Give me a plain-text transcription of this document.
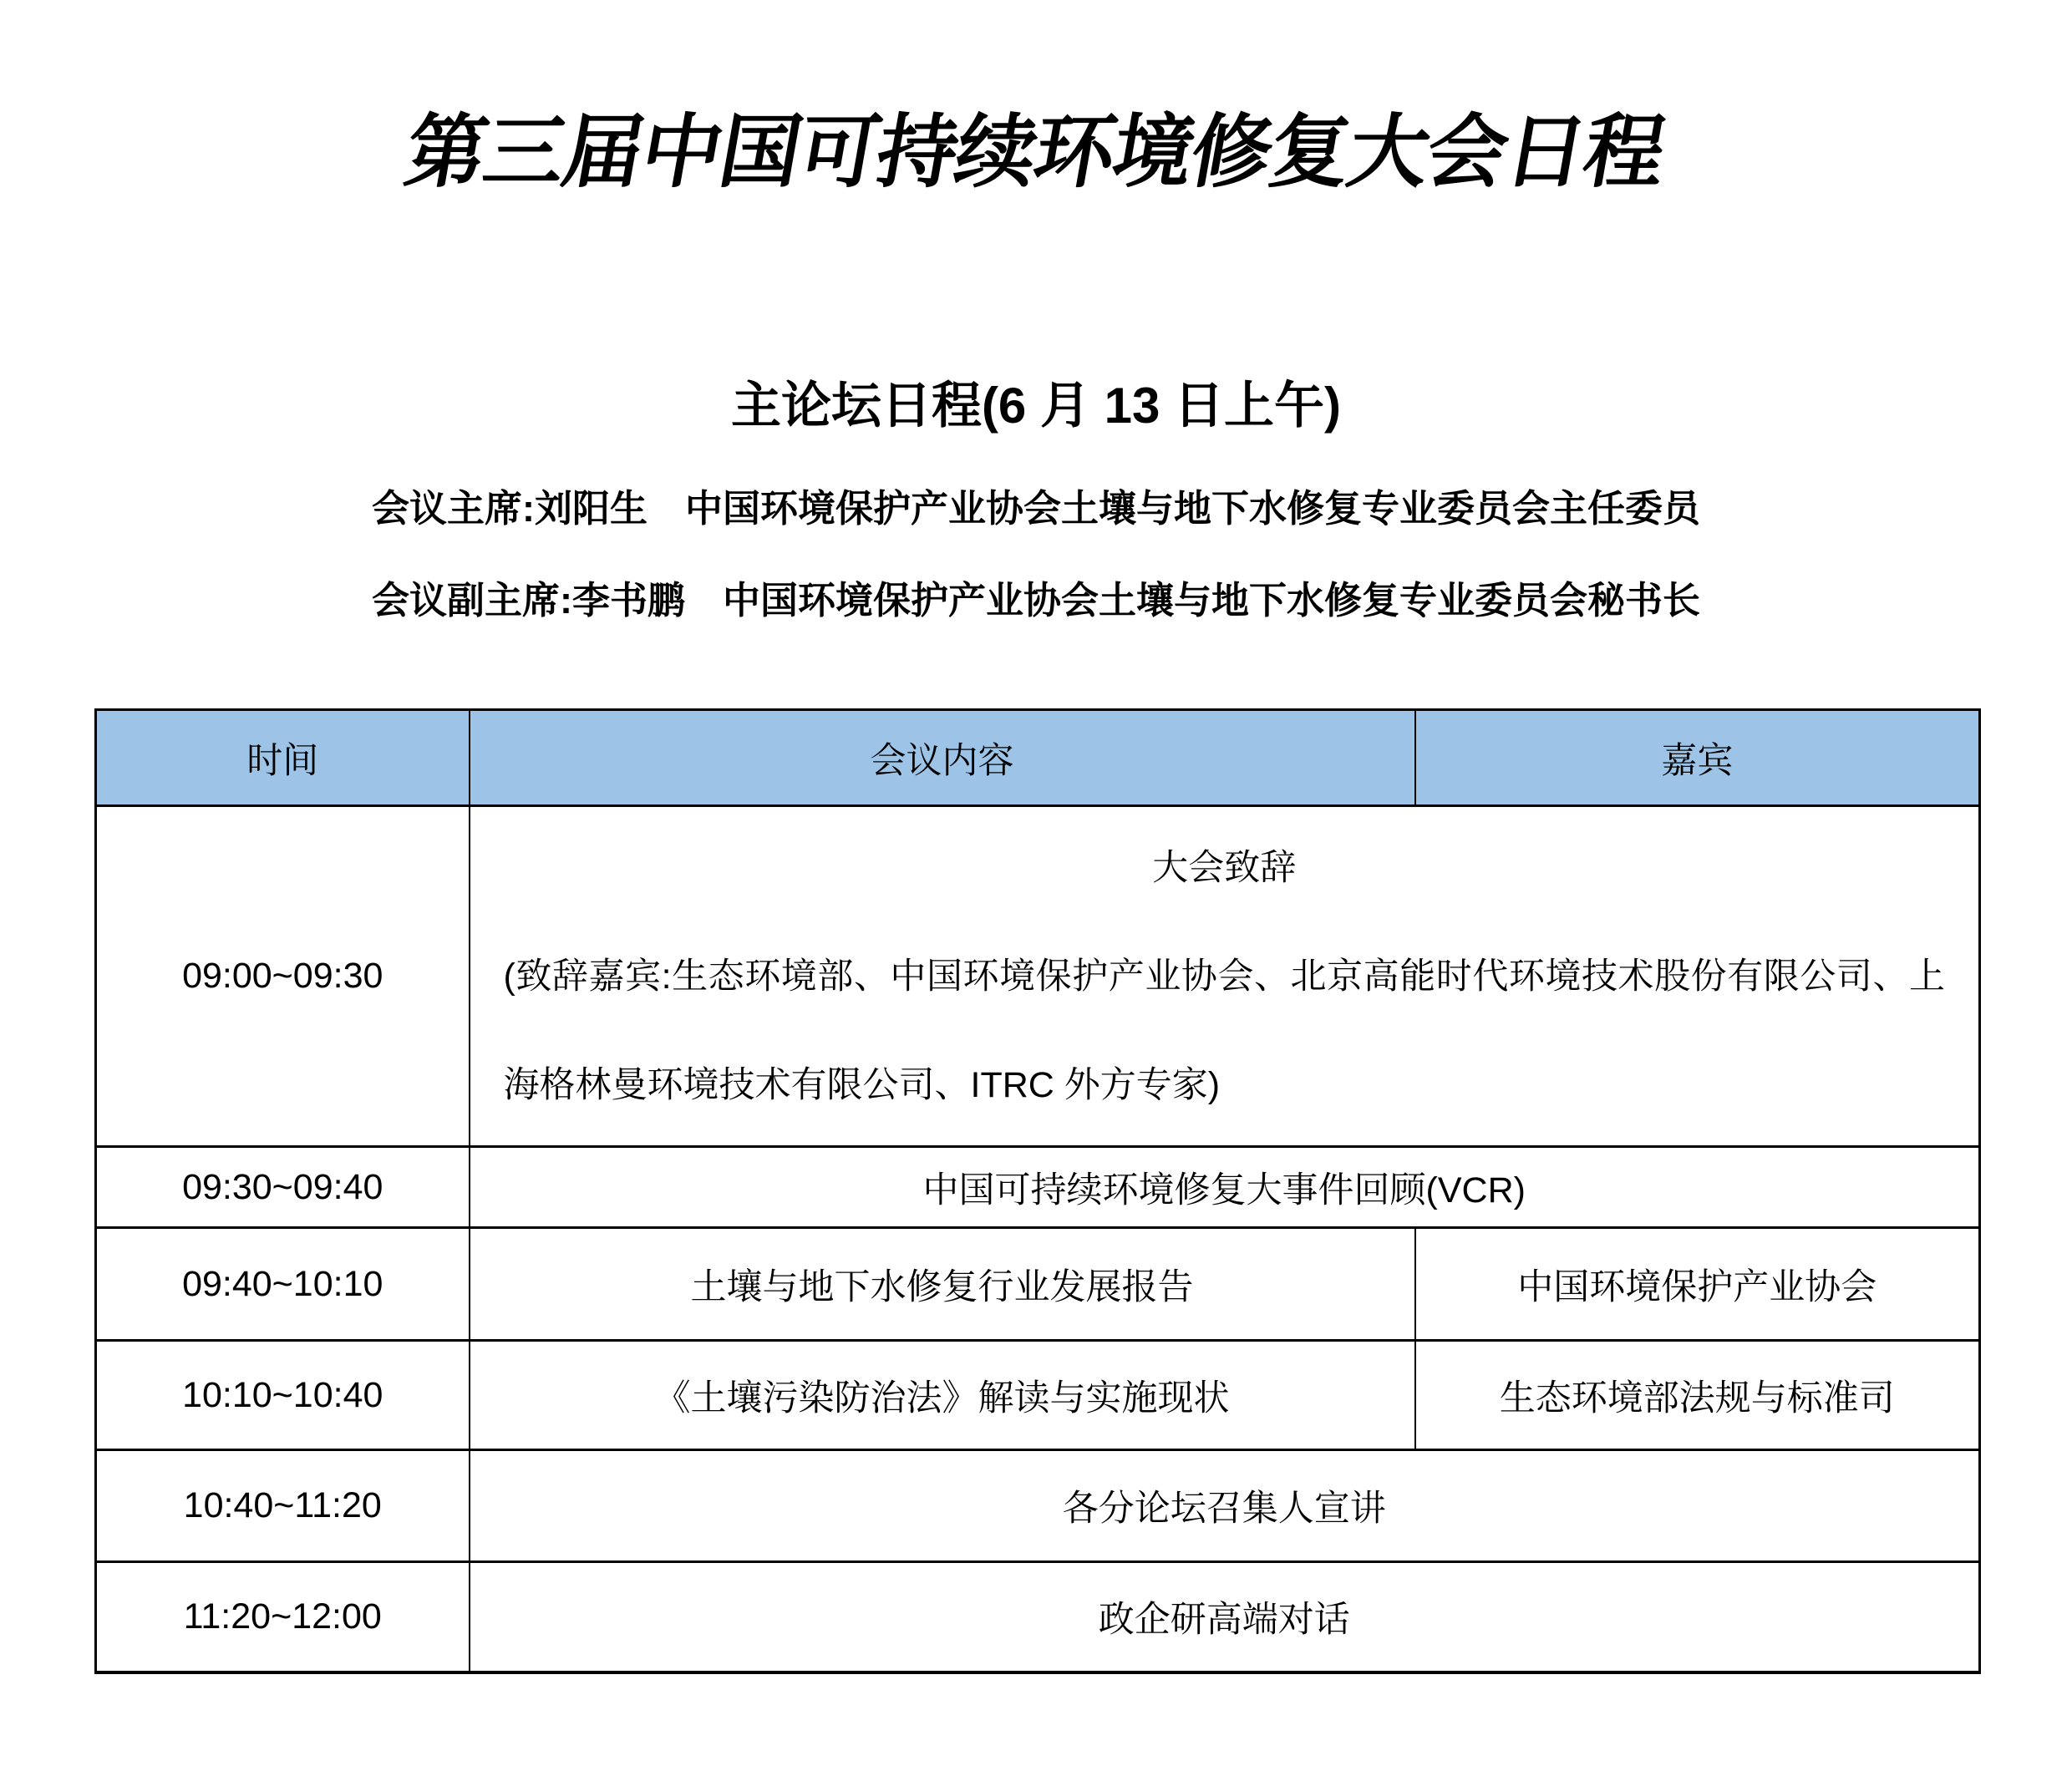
第三届中国可持续环境修复大会日程
主论坛日程(6 月 13 日上午)
会议主席:刘阳生　中国环境保护产业协会土壤与地下水修复专业委员会主任委员
会议副主席:李书鹏　中国环境保护产业协会土壤与地下水修复专业委员会秘书长
时间	会议内容	嘉宾
09:00~09:30	大会致辞
(致辞嘉宾:生态环境部、中国环境保护产业协会、北京高能时代环境技术股份有限公司、上海格林曼环境技术有限公司、ITRC 外方专家)	

09:30~09:40	中国可持续环境修复大事件回顾(VCR)	
09:40~10:10	土壤与地下水修复行业发展报告	中国环境保护产业协会
10:10~10:40	《土壤污染防治法》解读与实施现状	生态环境部法规与标准司
10:40~11:20	各分论坛召集人宣讲	
11:20~12:00	政企研高端对话	
